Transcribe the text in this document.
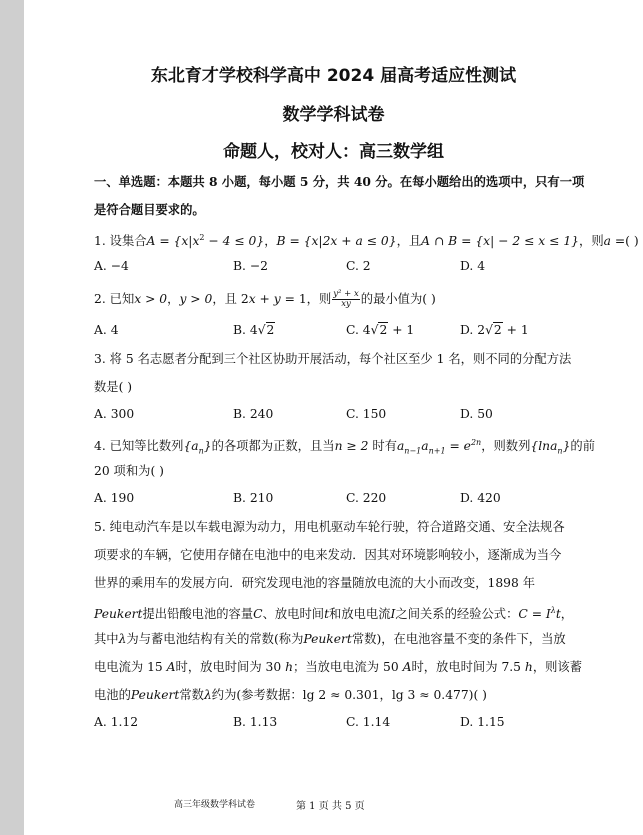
东北育才学校科学高中 2024 届高考适应性测试
数学学科试卷
命题人，校对人：高三数学组
一、单选题：本题共 8 小题，每小题 5 分，共 40 分。在每小题给出的选项中，只有一项
是符合题目要求的。
1. 设集合$A = \{x|x^2 - 4 \le 0\}$，B = {x|2x + a ≤ 0}，且A ∩ B = {x| − 2 ≤ x ≤ 1}，则a =( )
A. −4	B. −2	C. 2	D. 4
2. 已知x > 0，y > 0，且 2x + y = 1，则 $\frac{\text{y² + x}}{xy}$ 的最小值为( )
A. 4	B. 4√2	C. 4√2 + 1	D. 2√2 + 1
3. 将 5 名志愿者分配到三个社区协助开展活动，每个社区至少 1 名，则不同的分配方法
数是( )
A. 300	B. 240	C. 150	D. 50
4. 已知等比数列$\{a_n\}$的各项都为正数，且当n ≥ 2 时有$a_{n-1}a_{n+1} = e^{2n}$，则数列{lna$_n$}的前
20 项和为( )
A. 190	B. 210	C. 220	D. 420
5. 纯电动汽车是以车载电源为动力，用电机驱动车轮行驶，符合道路交通、安全法规各
项要求的车辆，它使用存储在电池中的电来发动．因其对环境影响较小，逐渐成为当今
世界的乘用车的发展方向．研究发现电池的容量随放电流的大小而改变，1898 年
Peukert提出铅酸电池的容量C、放电时间t和放电电流I之间关系的经验公式：$C = I^\lambda t$，
其中λ为与蓄电池结构有关的常数(称为Peukert常数)，在电池容量不变的条件下，当放
电电流为 15 A时，放电时间为 30 h；当放电电流为 50 A时，放电时间为 7.5 h，则该蓄
电池的Peukert常数λ约为(参考数据：lg 2 ≈ 0.301，lg 3 ≈ 0.477)( )
A. 1.12	B. 1.13	C. 1.14	D. 1.15
高三年级数学科试卷	第 1 页 共 5 页
